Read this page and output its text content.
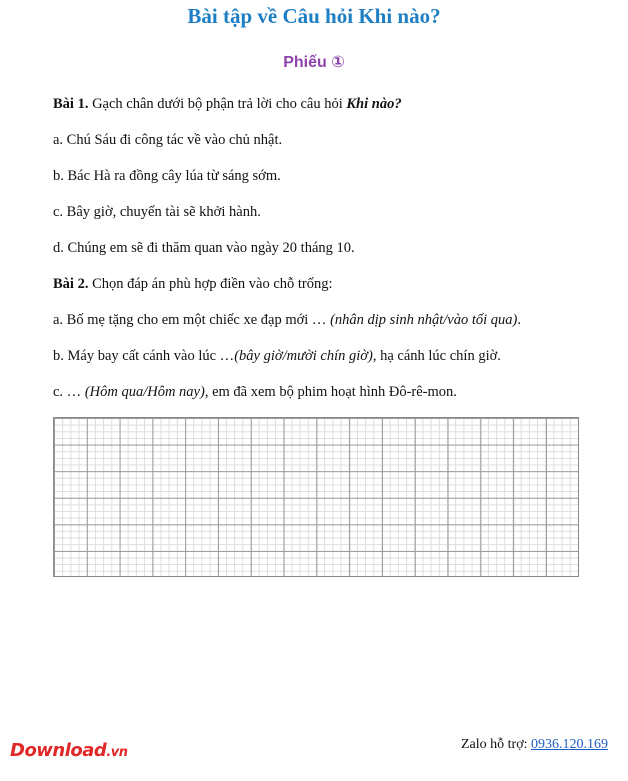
Bài tập về Câu hỏi Khi nào?
Phiếu ①
Bài 1. Gạch chân dưới bộ phận trả lời cho câu hỏi Khi nào?
a. Chú Sáu đi công tác về vào chủ nhật.
b. Bác Hà ra đồng cây lúa từ sáng sớm.
c. Bây giờ, chuyến tài sẽ khởi hành.
d. Chúng em sẽ đi thăm quan vào ngày 20 tháng 10.
Bài 2. Chọn đáp án phù hợp điền vào chỗ trống:
a. Bố mẹ tặng cho em một chiếc xe đạp mới … (nhân dịp sinh nhật/vào tối qua).
b. Máy bay cất cánh vào lúc …(bây giờ/mười chín giờ), hạ cánh lúc chín giờ.
c. … (Hôm qua/Hôm nay), em đã xem bộ phim hoạt hình Đô-rê-mon.
Download.vn
Zalo hỗ trợ: 0936.120.169
